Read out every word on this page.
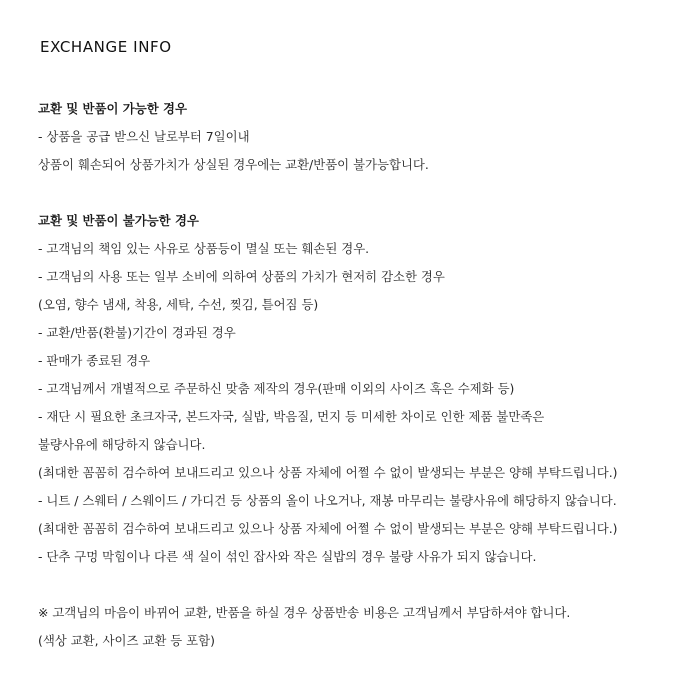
EXCHANGE INFO
교환 및 반품이 가능한 경우
- 상품을 공급 받으신 날로부터 7일이내
상품이 훼손되어 상품가치가 상실된 경우에는 교환/반품이 불가능합니다.
교환 및 반품이 불가능한 경우
- 고객님의 책임 있는 사유로 상품등이 멸실 또는 훼손된 경우.
- 고객님의 사용 또는 일부 소비에 의하여 상품의 가치가 현저히 감소한 경우
(오염, 향수 냄새, 착용, 세탁, 수선, 찢김, 튿어짐 등)
- 교환/반품(환불)기간이 경과된 경우
- 판매가 종료된 경우
- 고객님께서 개별적으로 주문하신 맞춤 제작의 경우(판매 이외의 사이즈 혹은 수제화 등)
- 재단 시 필요한 초크자국, 본드자국, 실밥, 박음질, 먼지 등 미세한 차이로 인한 제품 불만족은
불량사유에 해당하지 않습니다.
(최대한 꼼꼼히 검수하여 보내드리고 있으나 상품 자체에 어쩔 수 없이 발생되는 부분은 양해 부탁드립니다.)
- 니트 / 스웨터 / 스웨이드 / 가디건 등 상품의 올이 나오거나, 재봉 마무리는 불량사유에 해당하지 않습니다.
(최대한 꼼꼼히 검수하여 보내드리고 있으나 상품 자체에 어쩔 수 없이 발생되는 부분은 양해 부탁드립니다.)
- 단추 구멍 막힘이나 다른 색 실이 섞인 잡사와 작은 실밥의 경우 불량 사유가 되지 않습니다.
※ 고객님의 마음이 바뀌어 교환, 반품을 하실 경우 상품반송 비용은 고객님께서 부담하셔야 합니다.
(색상 교환, 사이즈 교환 등 포함)
